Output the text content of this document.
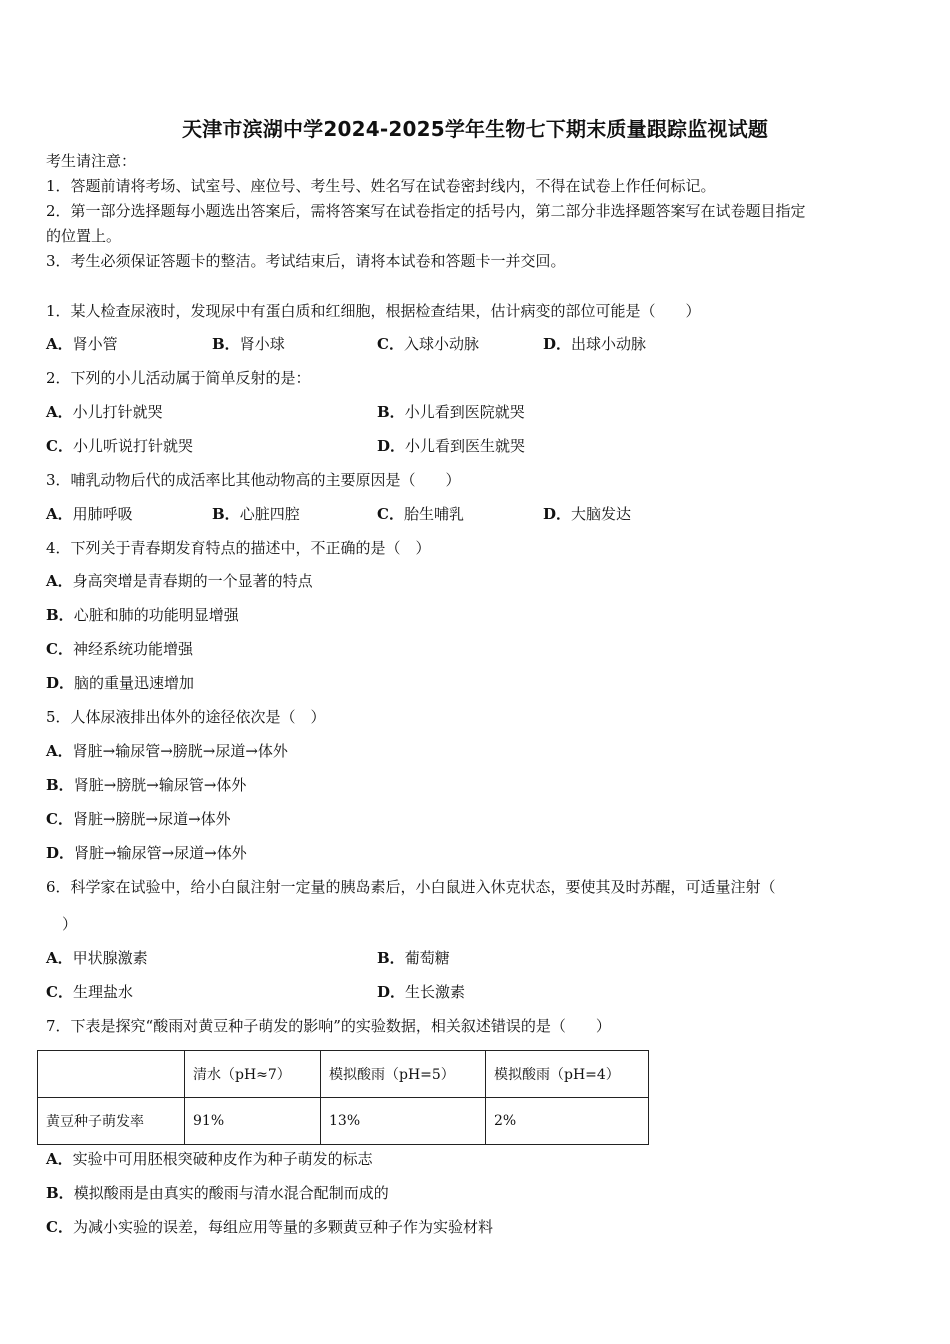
天津市滨湖中学2024-2025学年生物七下期末质量跟踪监视试题
考生请注意：
1．答题前请将考场、试室号、座位号、考生号、姓名写在试卷密封线内，不得在试卷上作任何标记。
2．第一部分选择题每小题选出答案后，需将答案写在试卷指定的括号内，第二部分非选择题答案写在试卷题目指定
的位置上。
3．考生必须保证答题卡的整洁。考试结束后，请将本试卷和答题卡一并交回。
1．某人检查尿液时，发现尿中有蛋白质和红细胞，根据检查结果，估计病变的部位可能是（　　）
A．肾小管	B．肾小球	C．入球小动脉	D．出球小动脉
2．下列的小儿活动属于简单反射的是：
A．小儿打针就哭	B．小儿看到医院就哭
C．小儿听说打针就哭	D．小儿看到医生就哭
3．哺乳动物后代的成活率比其他动物高的主要原因是（　　）
A．用肺呼吸	B．心脏四腔	C．胎生哺乳	D．大脑发达
4．下列关于青春期发育特点的描述中，不正确的是（　）
A．身高突增是青春期的一个显著的特点
B．心脏和肺的功能明显增强
C．神经系统功能增强
D．脑的重量迅速增加
5．人体尿液排出体外的途径依次是（　）
A．肾脏→输尿管→膀胱→尿道→体外
B．肾脏→膀胱→输尿管→体外
C．肾脏→膀胱→尿道→体外
D．肾脏→输尿管→尿道→体外
6．科学家在试验中，给小白鼠注射一定量的胰岛素后，小白鼠进入休克状态，要使其及时苏醒，可适量注射（
）
A．甲状腺激素	B．葡萄糖
C．生理盐水	D．生长激素
7．下表是探究“酸雨对黄豆种子萌发的影响”的实验数据，相关叙述错误的是（　　）
	清水（pH≈7）	模拟酸雨（pH=5）	模拟酸雨（pH=4）
黄豆种子萌发率	91%	13%	2%
A．实验中可用胚根突破种皮作为种子萌发的标志
B．模拟酸雨是由真实的酸雨与清水混合配制而成的
C．为减小实验的误差，每组应用等量的多颗黄豆种子作为实验材料
